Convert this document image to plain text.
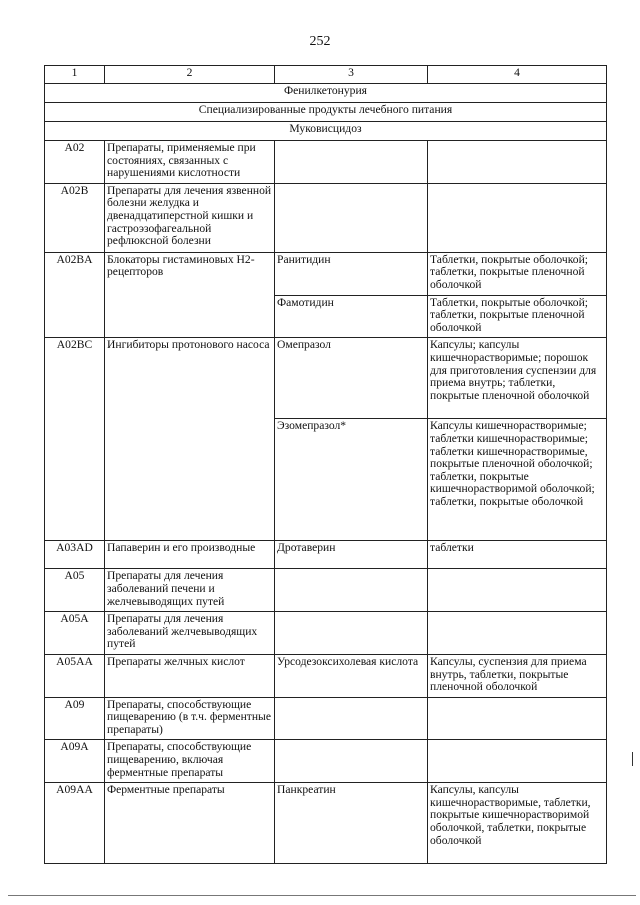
252
1	2	3	4
Фенилкетонурия			
Специализированные продукты лечебного питания			
Муковисцидоз			
A02	Препараты, применяемые при состояниях, связанных с нарушениями кислотности		
A02B	Препараты для лечения язвенной болезни желудка и двенадцатиперстной кишки и гастроэзофагеальной рефлюксной болезни		
A02BA	Блокаторы гистаминовых Н2-рецепторов	Ранитидин	Таблетки, покрытые оболочкой; таблетки, покрытые пленочной оболочкой
		Фамотидин	Таблетки, покрытые оболочкой; таблетки, покрытые пленочной оболочкой
A02BC	Ингибиторы протонового насоса	Омепразол	Капсулы; капсулы кишечнорастворимые; порошок для приготовления суспензии для приема внутрь; таблетки, покрытые пленочной оболочкой
		Эзомепразол*	Капсулы кишечнорастворимые; таблетки кишечнорастворимые; таблетки кишечнорастворимые, покрытые пленочной оболочкой; таблетки, покрытые кишечнорастворимой оболочкой; таблетки, покрытые оболочкой
A03AD	Папаверин и его производные	Дротаверин	таблетки
A05	Препараты для лечения заболеваний печени и желчевыводящих путей		
A05A	Препараты для лечения заболеваний желчевыводящих путей		
A05AA	Препараты желчных кислот	Урсодезоксихолевая кислота	Капсулы, суспензия для приема внутрь, таблетки, покрытые пленочной оболочкой
A09	Препараты, способствующие пищеварению (в т.ч. ферментные препараты)		
A09A	Препараты, способствующие пищеварению, включая ферментные препараты		
A09AA	Ферментные препараты	Панкреатин	Капсулы, капсулы кишечнорастворимые, таблетки, покрытые кишечнорастворимой оболочкой, таблетки, покрытые оболочкой
